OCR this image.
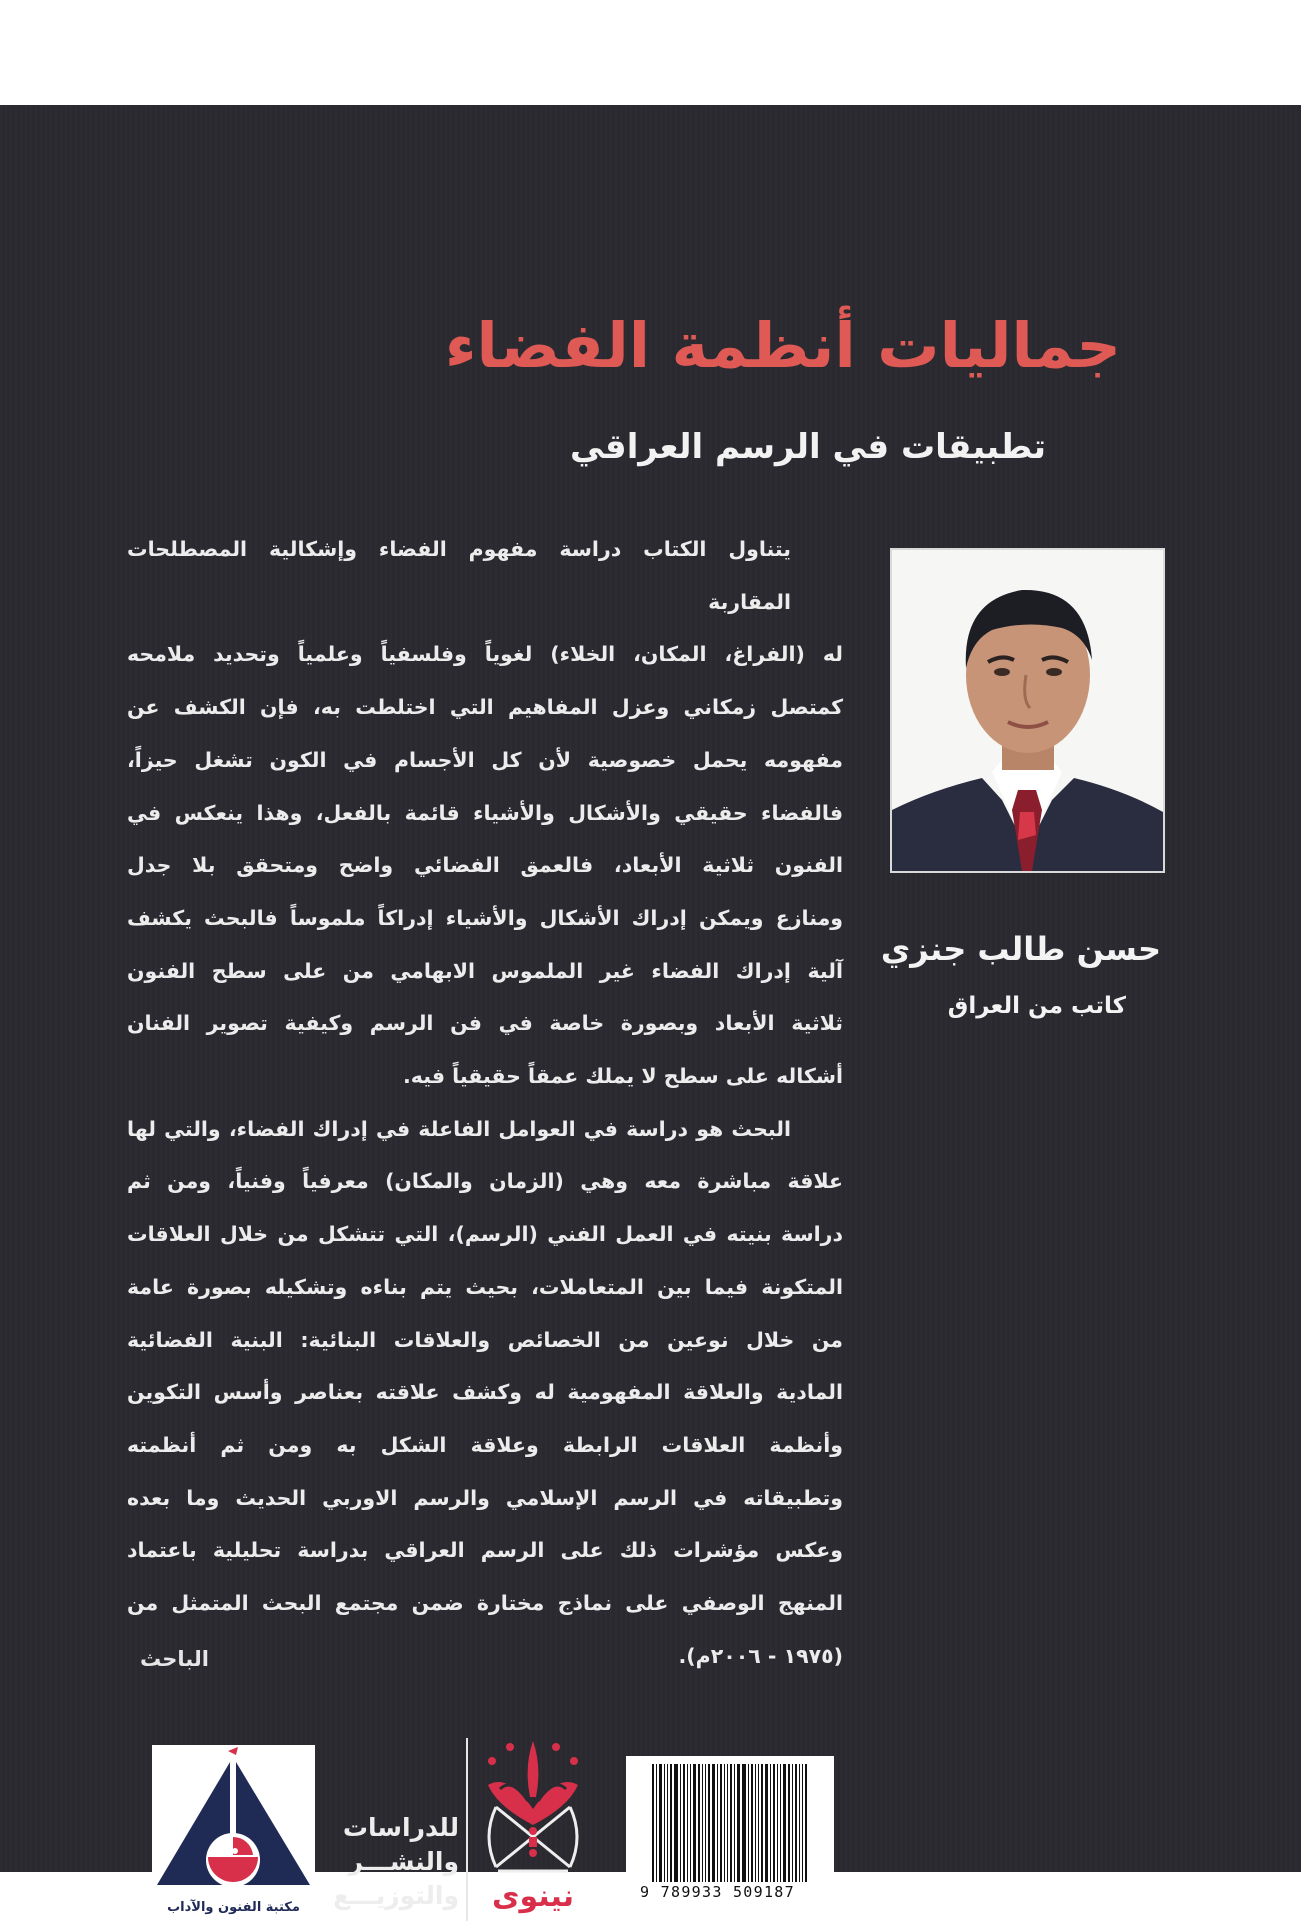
جماليات أنظمة الفضاء
تطبيقات في الرسم العراقي
يتناول الكتاب دراسة مفهوم الفضاء وإشكالية المصطلحات المقاربة
له (الفراغ، المكان، الخلاء) لغوياً وفلسفياً وعلمياً وتحديد ملامحه
كمتصل زمكاني وعزل المفاهيم التي اختلطت به، فإن الكشف عن
مفهومه يحمل خصوصية لأن كل الأجسام في الكون تشغل حيزاً،
فالفضاء حقيقي والأشكال والأشياء قائمة بالفعل، وهذا ينعكس في
الفنون ثلاثية الأبعاد، فالعمق الفضائي واضح ومتحقق بلا جدل
ومنازع ويمكن إدراك الأشكال والأشياء إدراكاً ملموساً فالبحث يكشف
آلية إدراك الفضاء غير الملموس الابهامي من على سطح الفنون
ثلاثية الأبعاد وبصورة خاصة في فن الرسم وكيفية تصوير الفنان
أشكاله على سطح لا يملك عمقاً حقيقياً فيه.
البحث هو دراسة في العوامل الفاعلة في إدراك الفضاء، والتي لها
علاقة مباشرة معه وهي (الزمان والمكان) معرفياً وفنياً، ومن ثم
دراسة بنيته في العمل الفني (الرسم)، التي تتشكل من خلال العلاقات
المتكونة فيما بين المتعاملات، بحيث يتم بناءه وتشكيله بصورة عامة
من خلال نوعين من الخصائص والعلاقات البنائية: البنية الفضائية
المادية والعلاقة المفهومية له وكشف علاقته بعناصر وأسس التكوين
وأنظمة العلاقات الرابطة وعلاقة الشكل به ومن ثم أنظمته
وتطبيقاته في الرسم الإسلامي والرسم الاوربي الحديث وما بعده
وعكس مؤشرات ذلك على الرسم العراقي بدراسة تحليلية باعتماد
المنهج الوصفي على نماذج مختارة ضمن مجتمع البحث المتمثل من
(١٩٧٥ - ٢٠٠٦م).
الباحث
حسن طالب جنزي
كاتب من العراق
مكتبة الفنون والآداب
للدراسات
والنشـــر
والتوزيـــع	نينوى	9 789933 509187
